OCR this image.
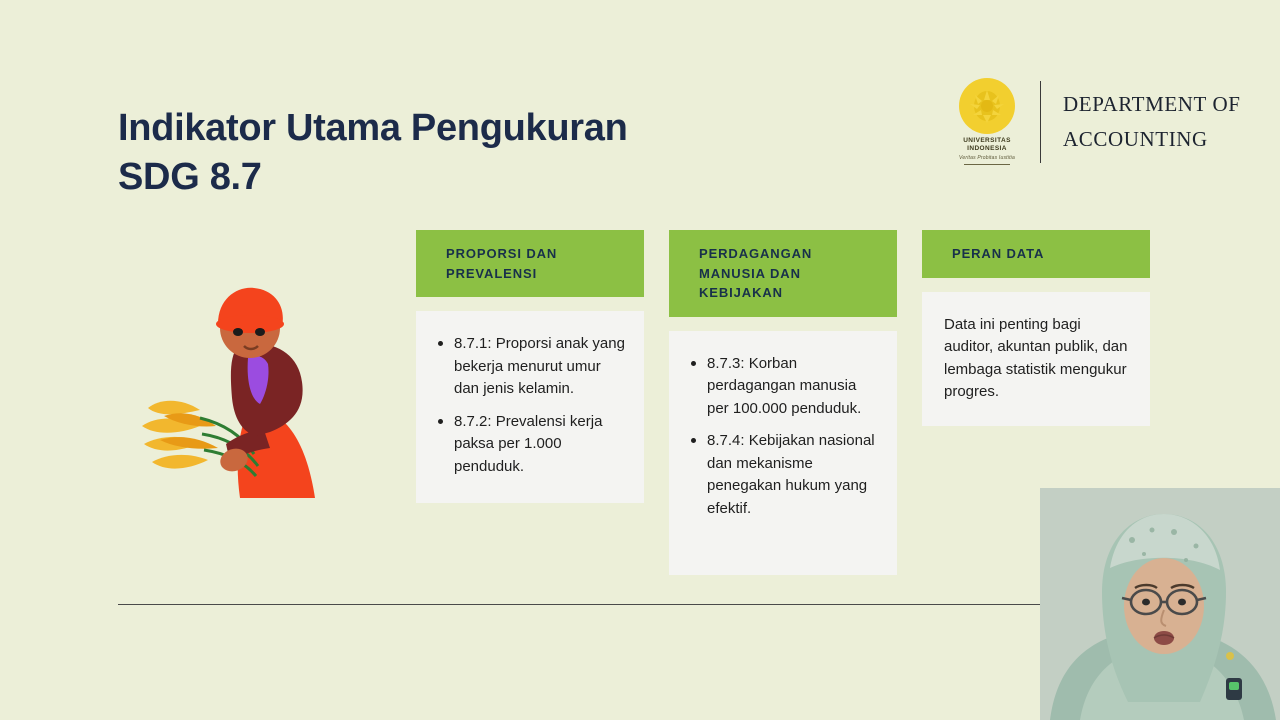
Indikator Utama Pengukuran
SDG 8.7
UNIVERSITAS
INDONESIA
Veritas Probitas Iustitia
DEPARTMENT OF
ACCOUNTING
PROPORSI DAN PREVALENSI
8.7.1: Proporsi anak yang bekerja menurut umur dan jenis kelamin.
8.7.2: Prevalensi kerja paksa per 1.000 penduduk.
PERDAGANGAN MANUSIA DAN KEBIJAKAN
8.7.3: Korban perdagangan manusia per 100.000 penduduk.
8.7.4: Kebijakan nasional dan mekanisme penegakan hukum yang efektif.
PERAN DATA

Data ini penting bagi auditor, akuntan publik, dan lembaga statistik mengukur progres.
